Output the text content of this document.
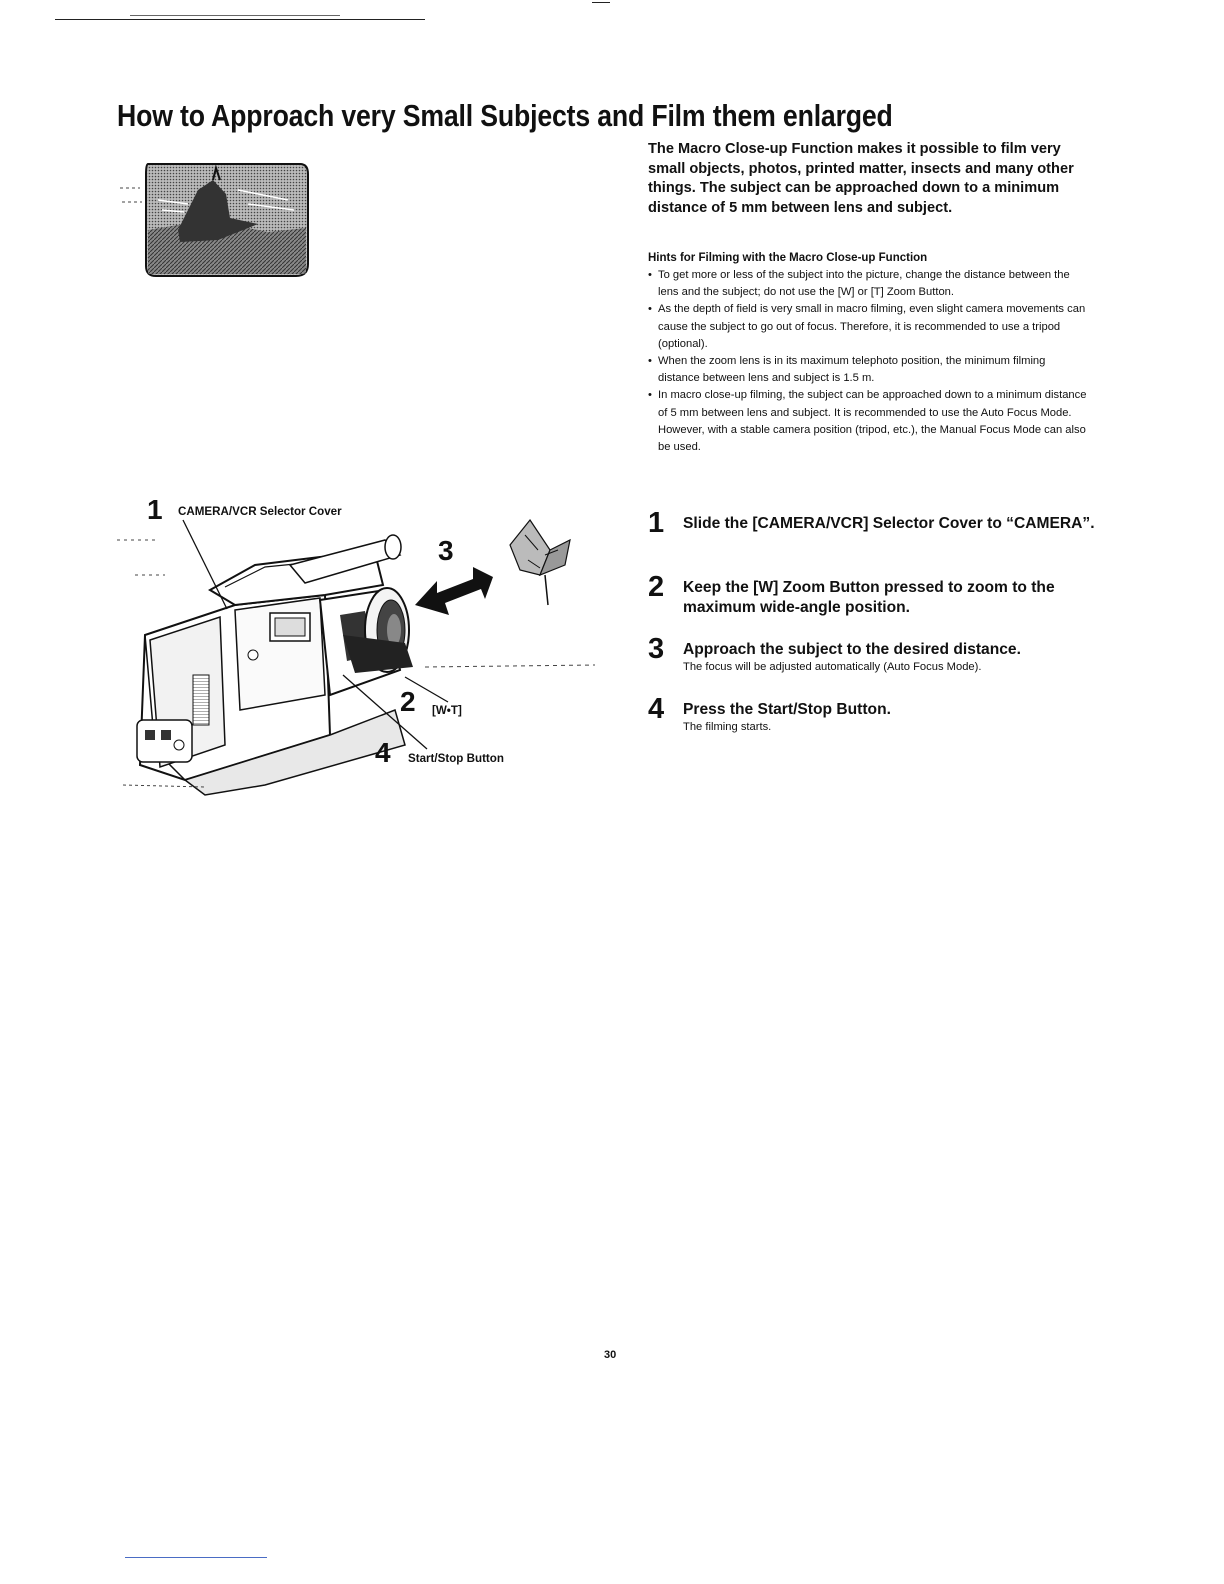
How to Approach very Small Subjects and Film them enlarged
The Macro Close-up Function makes it possible to film very small objects, photos, printed matter, insects and many other things. The subject can be approached down to a minimum distance of 5 mm between lens and subject.
Hints for Filming with the Macro Close-up Function

• To get more or less of the subject into the picture, change the distance between the lens and the subject; do not use the [W] or [T] Zoom Button.

• As the depth of field is very small in macro filming, even slight camera movements can cause the subject to go out of focus. Therefore, it is recommended to use a tripod (optional).

• When the zoom lens is in its maximum telephoto position, the minimum filming distance between lens and subject is 1.5 m.

• In macro close-up filming, the subject can be approached down to a minimum distance of 5 mm between lens and subject. It is recommended to use the Auto Focus Mode. However, with a stable camera position (tripod, etc.), the Manual Focus Mode can also be used.

1 Slide the [CAMERA/VCR] Selector Cover to “CAMERA”.
2 Keep the [W] Zoom Button pressed to zoom to the maximum wide-angle position.
3 Approach the subject to the desired distance.
The focus will be adjusted automatically (Auto Focus Mode).
4 Press the Start/Stop Button.
The filming starts.
1 CAMERA/VCR Selector Cover
3
2 [W•T]
4 Start/Stop Button
30
